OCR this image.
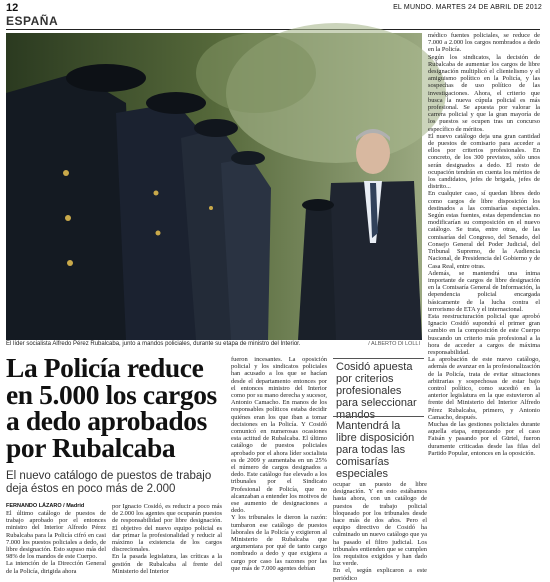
12	EL MUNDO. MARTES 24 DE ABRIL DE 2012
ESPAÑA
El líder socialista Alfredo Pérez Rubalcaba, junto a mandos policiales, durante su etapa de ministro del Interior.	/ ALBERTO DI LOLLI
La Policía reduce en 5.000 los cargos a dedo aprobados por Rubalcaba
El nuevo catálogo de puestos de trabajo deja éstos en poco más de 2.000
FERNANDO LÁZARO / Madrid
El último catálogo de puestos de trabajo aprobado por el entonces ministro del Interior Alfredo Pérez Rubalcaba para la Policía cifró en casi 7.000 los puestos policiales a dedo, de libre designación. Esto supuso más del 98% de los mandos de este Cuerpo.
La intención de la Dirección General de la Policía, dirigida ahora
por Ignacio Cosidó, es reducir a poco más de 2.000 los agentes que ocuparán puestos de responsabilidad por libre designación. El objetivo del nuevo equipo policial es dar primar la profesionalidad y reducir al máximo la existencia de los cargos discrecionales.
En la pasada legislatura, las críticas a la gestión de Rubalcaba al frente del Ministerio del Interior
fueron incesantes. La oposición policial y los sindicatos policiales han acusado a los que se hacían desde el departamento entonces por el entonces ministro del Interior como por su mano derecha y sucesor, Antonio Camacho. En manos de los responsables políticos estaba decidir quiénes eran los que iban a tomar decisiones en la Policía. Y Cosidó comunicó en numerosas ocasiones esta actitud de Rubalcaba. El último catálogo de puestos policiales aprobado por el ahora líder socialista es de 2009 y aumentaba en un 25% el número de cargos designados a dedo. Este catálogo fue elevado a los tribunales por el Sindicato Profesional de Policía, que no alcanzaban a entender los motivos de ese aumento de designaciones a dedo.
Y los tribunales le dieron la razón: tumbaron ese catálogo de puestos laborales de la Policía y exigieron al Ministerio de Rubalcaba que argumentara por qué de tanto cargo nombrado a dedo y que exigiera a cargo por caso las razones por las que más de 7.000 agentes debían
Cosidó apuesta por criterios profesionales para seleccionar mandos
Mantendrá la libre disposición para todas las comisarías especiales
ocupar un puesto de libre designación. Y en esto estábamos hasta ahora, con un catálogo de puestos de trabajo policial bloqueado por los tribunales desde hace más de dos años. Pero el equipo directivo de Cosidó ha culminado un nuevo catálogo que ya ha pasado el filtro judicial. Los tribunales entienden que se cumplen los requisitos exigidos y han dado luz verde.
En el, según explicaron a este periódico
médico fuentes policiales, se reduce de 7.000 a 2.000 los cargos nombrados a dedo en la Policía.
Según los sindicatos, la decisión de Rubalcaba de aumentar los cargos de libre designación multiplicó el clientelismo y el amiguismo político en la Policía, y las sospechas de uso político de las investigaciones. Ahora, el criterio que busca la nueva cúpula policial es más profesional. Se apuesta por valorar la carrera policial y que la gran mayoría de los puestos se ocupen tras un concurso específico de méritos.
El nuevo catálogo deja una gran cantidad de puestos de comisario para acceder a ellos por criterios profesionales. En concreto, de los 300 previstos, sólo unos serán designados a dedo. El resto de ocupación tendrán en cuenta los méritos de los candidatos, jefes de brigada, jefes de distrito...
En cualquier caso, sí quedan libres dedo como cargos de libre disposición los destinados a las comisarías especiales. Según estas fuentes, estas dependencias no modificarían su composición en el nuevo catálogo. Se trata, entre otras, de las comisarías del Congreso, del Senado, del Consejo General del Poder Judicial, del Tribunal Supremo, de la Audiencia Nacional, de Presidencia del Gobierno y de Casa Real, entre otras.
Además, se mantendrá una ínima importante de cargos de libre designación en la Comisaría General de Información, la dependencia policial encargada básicamente de la lucha contra el terrorismo de ETA y el internacional.
Esta reestructuración policial que aprobó Ignacio Cosidó supondrá el primer gran cambio en la composición de este Cuerpo buscando un criterio más profesional a la hora de acceder a cargos de máxima responsabilidad.
La aprobación de este nuevo catálogo, además de avanzar en la profesionalización de la Policía, trata de evitar situaciones arbitrarias y sospechosas de estar bajo control político, como sucedió en la anterior legislatura en la que estuvieron al frente del Ministerio del Interior Alfredo Pérez Rubalcaba, primero, y Antonio Camacho, después.
Muchas de las gestiones policiales durante aquella etapa, empezando por el caso Faisán y pasando por el Gürtel, fueron duramente criticadas desde las filas del Partido Popular, entonces en la oposición.
